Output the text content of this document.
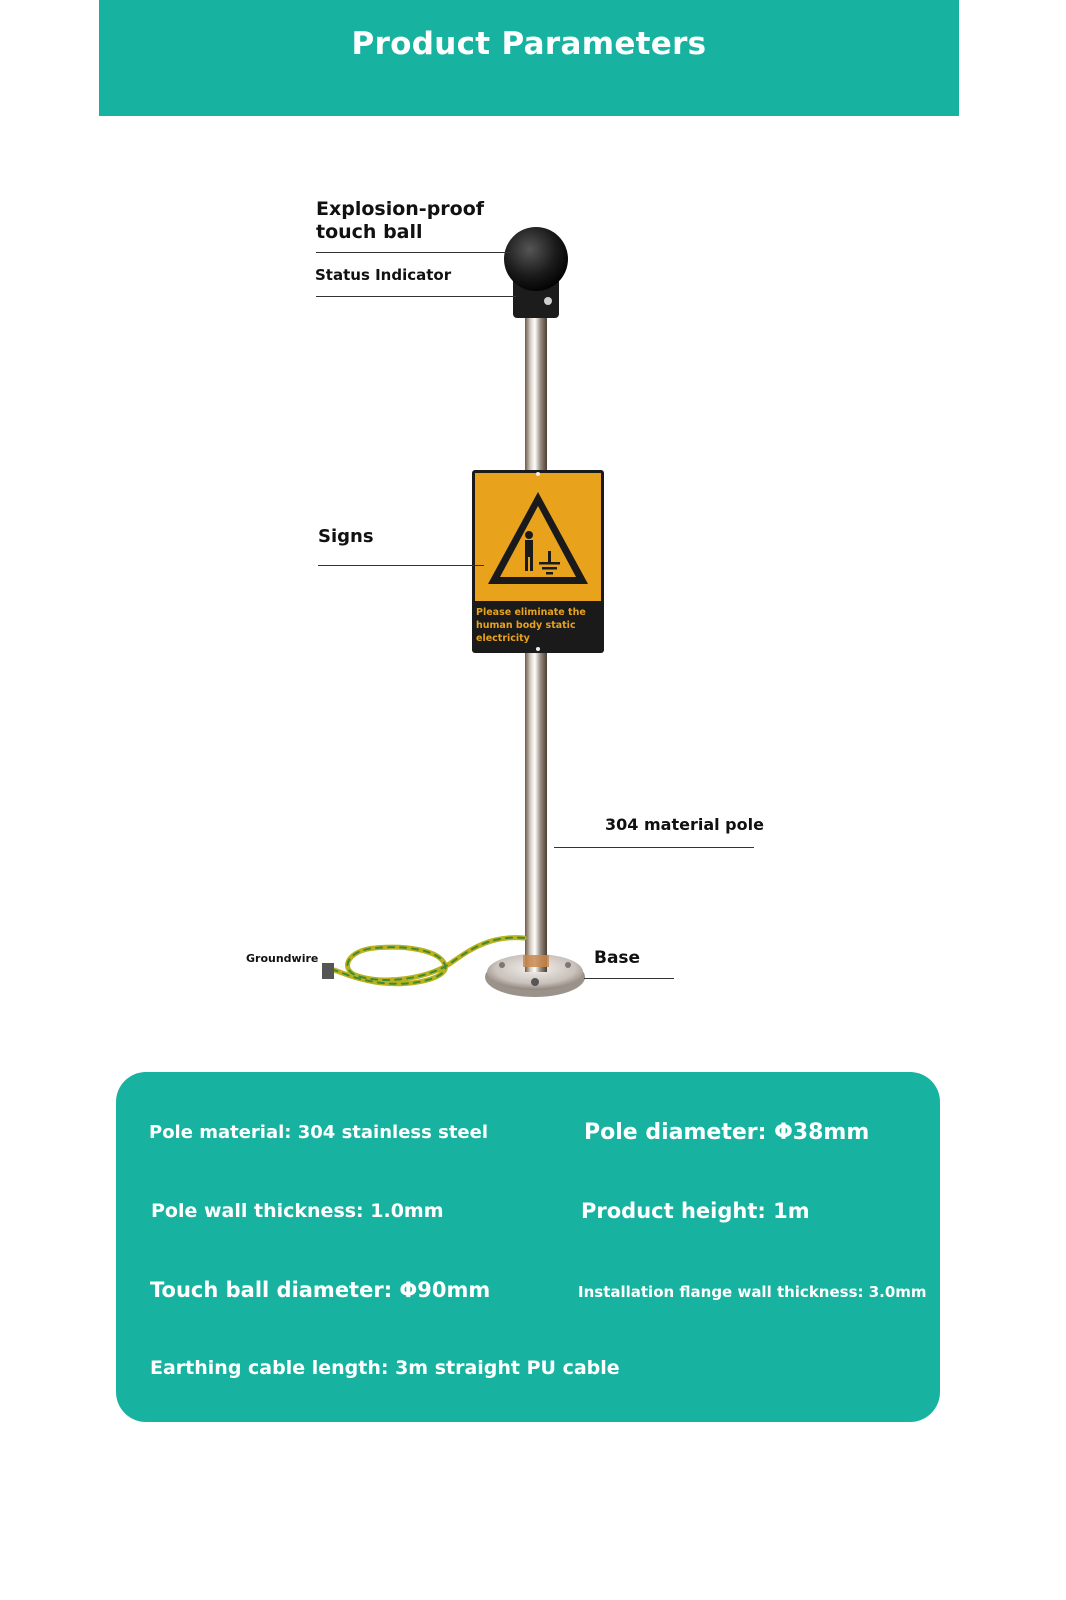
Product Parameters
Explosion-proof
touch ball
Status Indicator
Signs
304 material pole
Groundwire	Base
Please eliminate the human body static electricity
Pole material: 304 stainless steel	Pole diameter: Φ38mm
Pole wall thickness: 1.0mm	Product height: 1m
Touch ball diameter: Φ90mm	Installation flange wall thickness: 3.0mm
Earthing cable length: 3m straight PU cable
